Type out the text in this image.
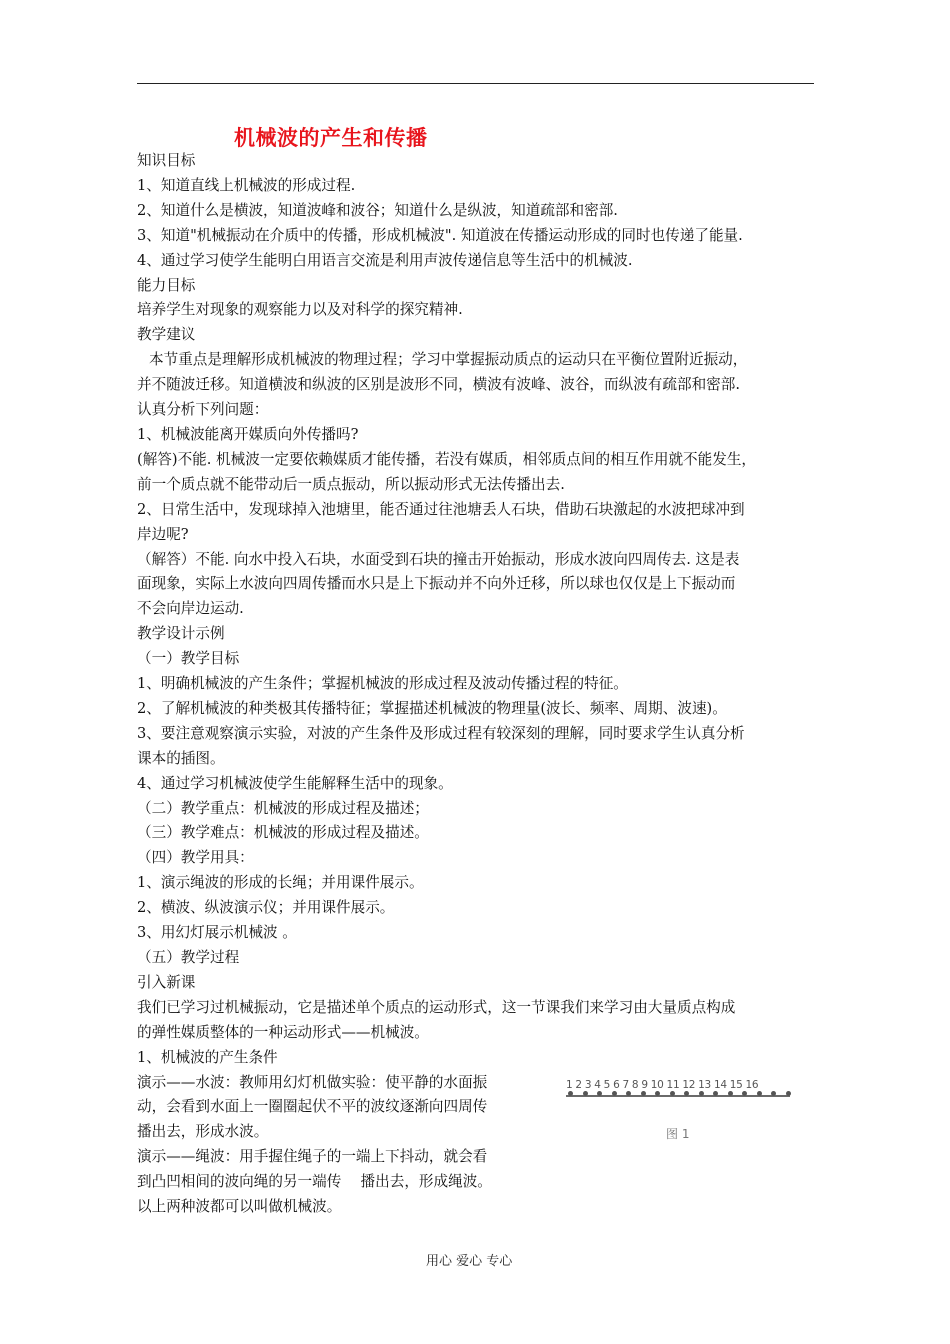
机械波的产生和传播

知识目标

1、知道直线上机械波的形成过程.

2、知道什么是横波，知道波峰和波谷；知道什么是纵波，知道疏部和密部.

3、知道"机械振动在介质中的传播，形成机械波". 知道波在传播运动形成的同时也传递了能量.

4、通过学习使学生能明白用语言交流是利用声波传递信息等生活中的机械波.

能力目标

培养学生对现象的观察能力以及对科学的探究精神.

教学建议

本节重点是理解形成机械波的物理过程；学习中掌握振动质点的运动只在平衡位置附近振动，

并不随波迁移。知道横波和纵波的区别是波形不同，横波有波峰、波谷，而纵波有疏部和密部.

认真分析下列问题：

1、机械波能离开媒质向外传播吗?

(解答)不能. 机械波一定要依赖媒质才能传播，若没有媒质，相邻质点间的相互作用就不能发生，

前一个质点就不能带动后一质点振动，所以振动形式无法传播出去.

2、日常生活中，发现球掉入池塘里，能否通过往池塘丢人石块，借助石块激起的水波把球冲到

岸边呢?

（解答）不能. 向水中投入石块，水面受到石块的撞击开始振动，形成水波向四周传去. 这是表

面现象，实际上水波向四周传播而水只是上下振动并不向外迁移，所以球也仅仅是上下振动而

不会向岸边运动.

教学设计示例

（一）教学目标

1、明确机械波的产生条件；掌握机械波的形成过程及波动传播过程的特征。

2、了解机械波的种类极其传播特征；掌握描述机械波的物理量(波长、频率、周期、波速)。

3、要注意观察演示实验，对波的产生条件及形成过程有较深刻的理解，同时要求学生认真分析

课本的插图。

4、通过学习机械波使学生能解释生活中的现象。

（二）教学重点：机械波的形成过程及描述；

（三）教学难点：机械波的形成过程及描述。

（四）教学用具：

1、演示绳波的形成的长绳；并用课件展示。

2、横波、纵波演示仪；并用课件展示。

3、用幻灯展示机械波 。

（五）教学过程

引入新课

我们已学习过机械振动，它是描述单个质点的运动形式，这一节课我们来学习由大量质点构成

的弹性媒质整体的一种运动形式——机械波。

1、机械波的产生条件

演示——水波：教师用幻灯机做实验：使平静的水面振

动，会看到水面上一圈圈起伏不平的波纹逐渐向四周传

播出去，形成水波。

演示——绳波：用手握住绳子的一端上下抖动，就会看

到凸凹相间的波向绳的另一端传　 播出去，形成绳波。

以上两种波都可以叫做机械波。

1 2 3 4 5 6 7 8 9 10 11 12 13 14 15 16
图 1
用心 爱心 专心
